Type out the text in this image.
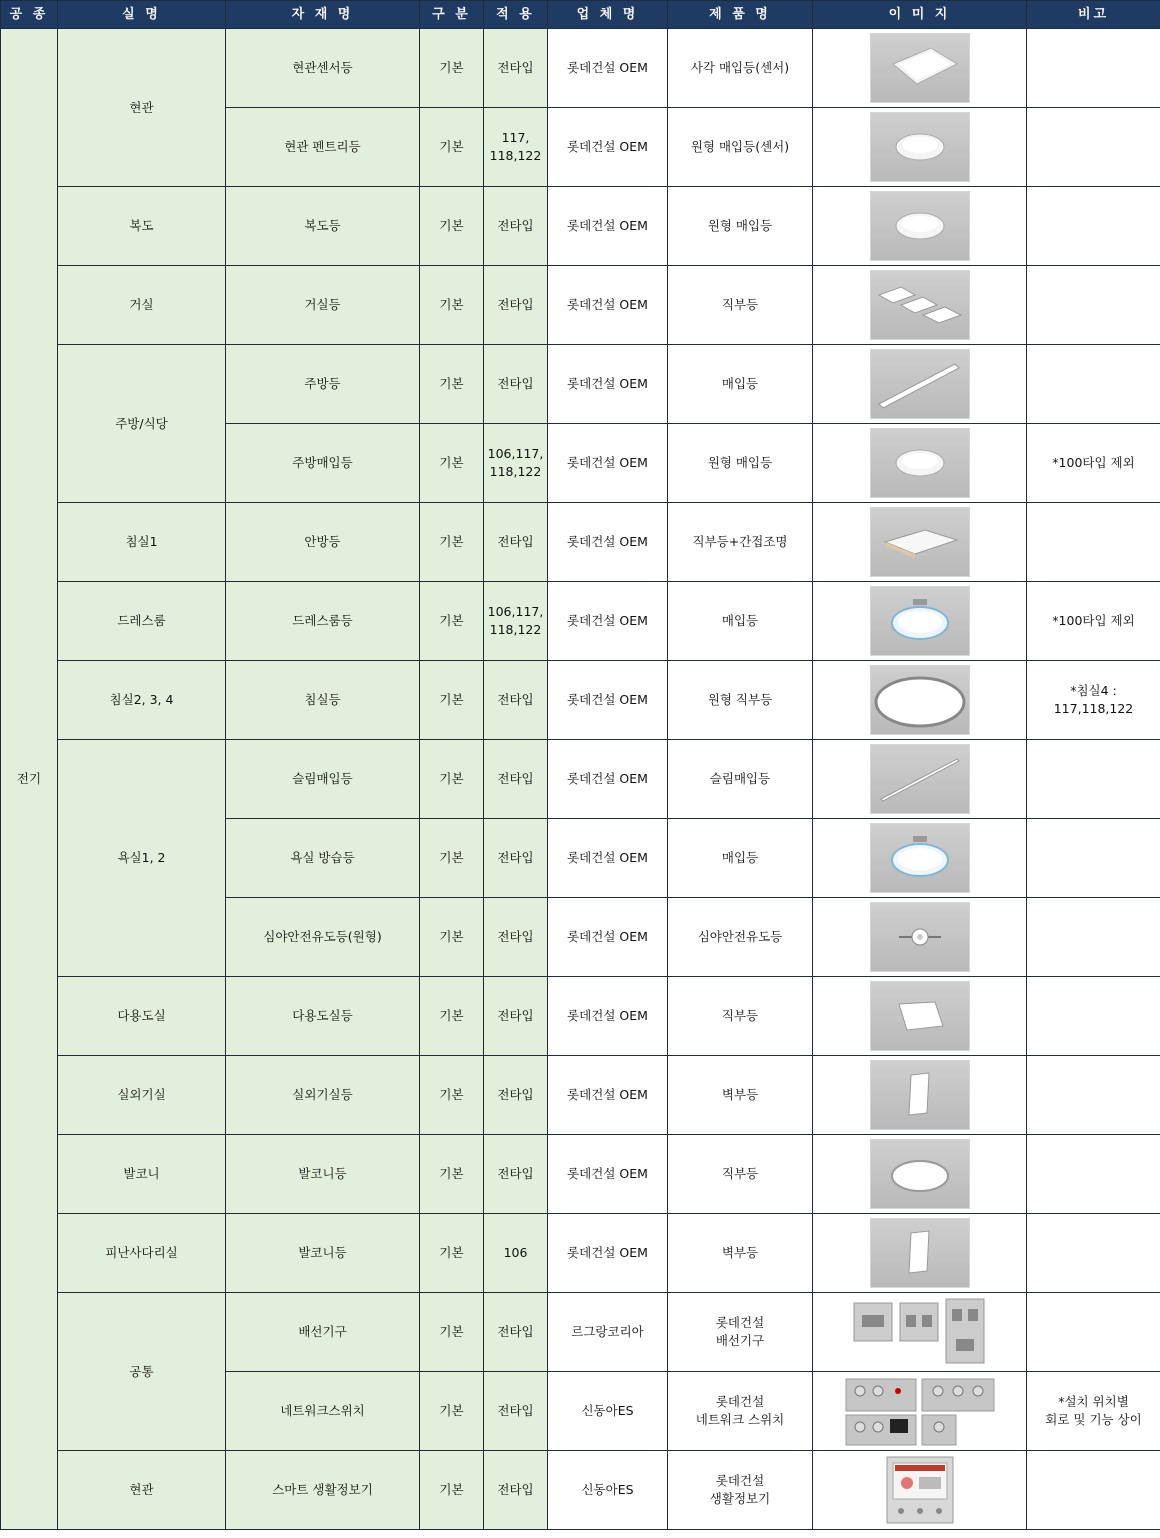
공 종	실 명	자 재 명	구 분	적 용	업 체 명	제 품 명	이 미 지	비고
전기	현관	현관센서등	기본	전타입	롯데건설 OEM	사각 매입등(센서)	

		현관 펜트리등	기본	117,
118,122	롯데건설 OEM	원형 매입등(센서)	

	복도	복도등	기본	전타입	롯데건설 OEM	원형 매입등	

	거실	거실등	기본	전타입	롯데건설 OEM	직부등	

	주방/식당	주방등	기본	전타입	롯데건설 OEM	매입등	

		주방매입등	기본	106,117,
118,122	롯데건설 OEM	원형 매입등		*100타입 제외
	침실1	안방등	기본	전타입	롯데건설 OEM	직부등+간접조명	

	드레스룸	드레스룸등	기본	106,117,
118,122	롯데건설 OEM	매입등		*100타입 제외
	침실2, 3, 4	침실등	기본	전타입	롯데건설 OEM	원형 직부등		*침실4 : 117,118,122
	욕실1, 2	슬림매입등	기본	전타입	롯데건설 OEM	슬림매입등	

		욕실 방습등	기본	전타입	롯데건설 OEM	매입등	

		심야안전유도등(원형)	기본	전타입	롯데건설 OEM	심야안전유도등	

	다용도실	다용도실등	기본	전타입	롯데건설 OEM	직부등	

	실외기실	실외기실등	기본	전타입	롯데건설 OEM	벽부등	

	발코니	발코니등	기본	전타입	롯데건설 OEM	직부등	

	피난사다리실	발코니등	기본	106	롯데건설 OEM	벽부등	

	공통	배선기구	기본	전타입	르그랑코리아	롯데건설
배선기구	

		네트워크스위치	기본	전타입	신동아ES	롯데건설
네트워크 스위치		*설치 위치별
회로 및 기능 상이
	현관	스마트 생활정보기	기본	전타입	신동아ES	롯데건설
생활정보기	
